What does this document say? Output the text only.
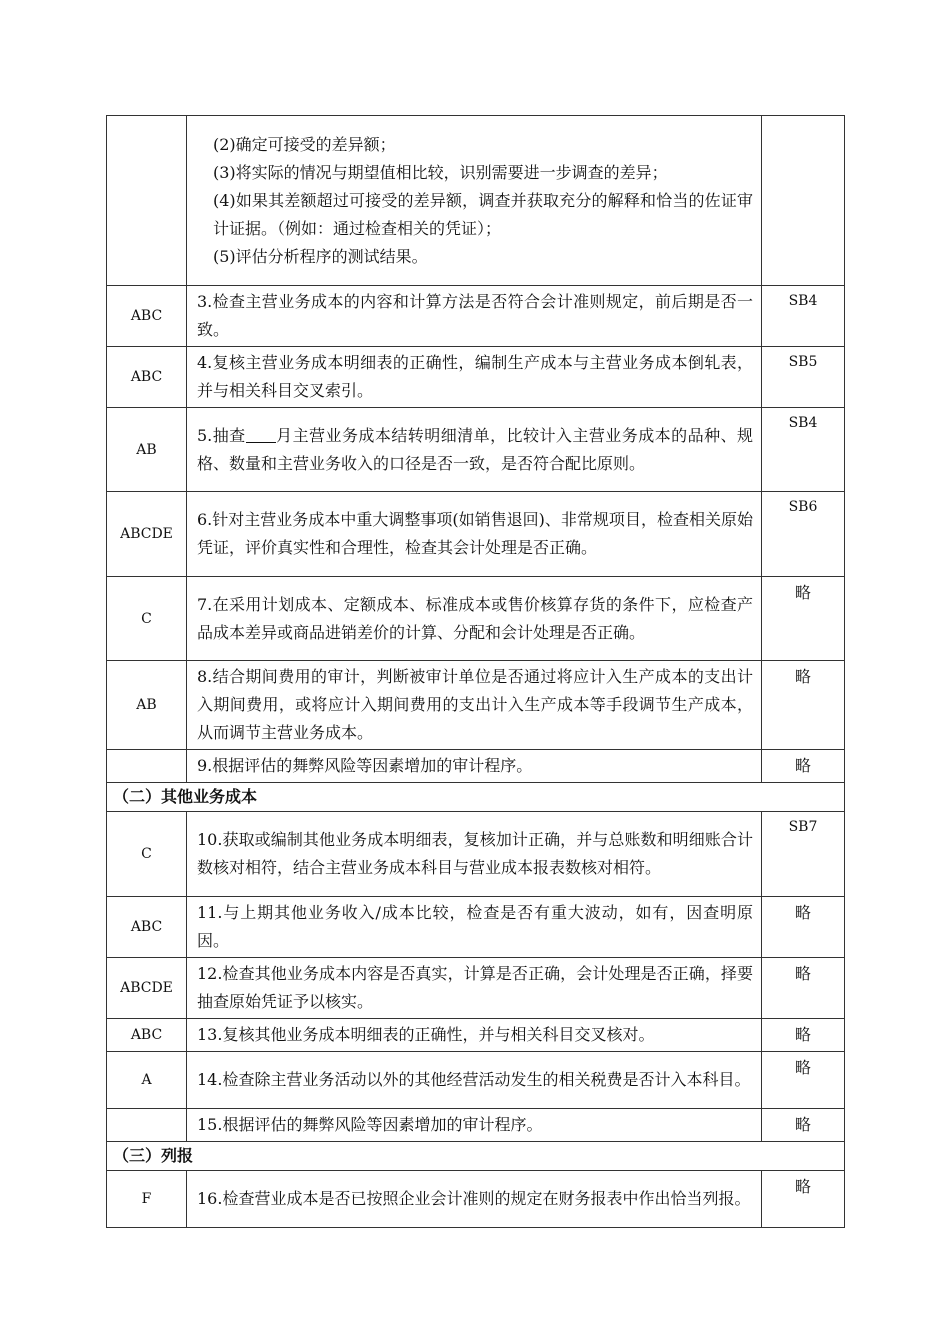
	(2)确定可接受的差异额；
(3)将实际的情况与期望值相比较，识别需要进一步调查的差异；
(4)如果其差额超过可接受的差异额，调查并获取充分的解释和恰当的佐证审计证据。（例如：通过检查相关的凭证）；
(5)评估分析程序的测试结果。	

ABC	3.检查主营业务成本的内容和计算方法是否符合会计准则规定，前后期是否一致。	SB4
ABC	4.复核主营业务成本明细表的正确性，编制生产成本与主营业务成本倒轧表，并与相关科目交叉索引。	SB5
AB	5.抽查 月主营业务成本结转明细清单，比较计入主营业务成本的品种、规格、数量和主营业务收入的口径是否一致，是否符合配比原则。	SB4
ABCDE	6.针对主营业务成本中重大调整事项(如销售退回)、非常规项目，检查相关原始凭证，评价真实性和合理性，检查其会计处理是否正确。	SB6
C	7.在采用计划成本、定额成本、标准成本或售价核算存货的条件下，应检查产品成本差异或商品进销差价的计算、分配和会计处理是否正确。	略
AB	8.结合期间费用的审计，判断被审计单位是否通过将应计入生产成本的支出计入期间费用，或将应计入期间费用的支出计入生产成本等手段调节生产成本，从而调节主营业务成本。	略
	9.根据评估的舞弊风险等因素增加的审计程序。	略
（二）其他业务成本		
C	10.获取或编制其他业务成本明细表，复核加计正确，并与总账数和明细账合计数核对相符，结合主营业务成本科目与营业成本报表数核对相符。	SB7
ABC	11.与上期其他业务收入/成本比较，检查是否有重大波动，如有，因查明原因。	略
ABCDE	12.检查其他业务成本内容是否真实，计算是否正确，会计处理是否正确，择要抽查原始凭证予以核实。	略
ABC	13.复核其他业务成本明细表的正确性，并与相关科目交叉核对。	略
A	14.检查除主营业务活动以外的其他经营活动发生的相关税费是否计入本科目。	略
	15.根据评估的舞弊风险等因素增加的审计程序。	略
（三）列报		
F	16.检查营业成本是否已按照企业会计准则的规定在财务报表中作出恰当列报。	略
